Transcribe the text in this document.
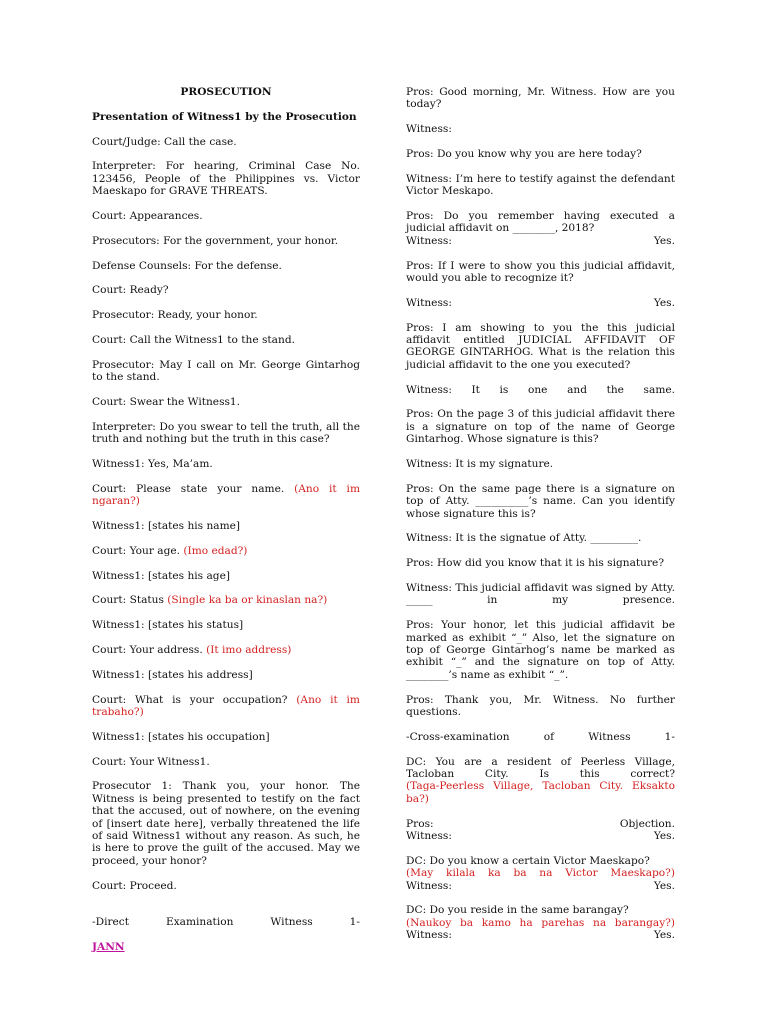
PROSECUTION

Presentation of Witness1 by the Prosecution

Court/Judge: Call the case.

Interpreter: For hearing, Criminal Case No. 123456, People of the Philippines vs. Victor Maeskapo for GRAVE THREATS.

Court: Appearances.

Prosecutors: For the government, your honor.

Defense Counsels: For the defense.

Court: Ready?

Prosecutor: Ready, your honor.

Court: Call the Witness1 to the stand.

Prosecutor: May I call on Mr. George Gintarhog to the stand.

Court: Swear the Witness1.

Interpreter: Do you swear to tell the truth, all the truth and nothing but the truth in this case?

Witness1: Yes, Ma’am.

Court: Please state your name. (Ano it im ngaran?)

Witness1: [states his name]

Court: Your age. (Imo edad?)

Witness1: [states his age]

Court: Status (Single ka ba or kinaslan na?)

Witness1: [states his status]

Court: Your address. (It imo address)

Witness1: [states his address]

Court: What is your occupation? (Ano it im trabaho?)

Witness1: [states his occupation]

Court: Your Witness1.

Prosecutor 1: Thank you, your honor. The Witness is being presented to testify on the fact that the accused, out of nowhere, on the evening of [insert date here], verbally threatened the life of said Witness1 without any reason. As such, he is here to prove the guilt of the accused. May we proceed, your honor?

Court: Proceed.

-Direct Examination Witness 1-

JANN

Pros: Good morning, Mr. Witness. How are you today?

Witness:

Pros: Do you know why you are here today?

Witness: I’m here to testify against the defendant Victor Meskapo.

Pros: Do you remember having executed a judicial affidavit on ________, 2018?

Witness:	Yes.

Pros: If I were to show you this judicial affidavit, would you able to recognize it?

Witness:	Yes.

Pros: I am showing to you the this judicial affidavit entitled JUDICIAL AFFIDAVIT OF GEORGE GINTARHOG. What is the relation this judicial affidavit to the one you executed?

Witness: It is one and the same.

Pros: On the page 3 of this judicial affidavit there is a signature on top of the name of George Gintarhog. Whose signature is this?

Witness: It is my signature.

Pros: On the same page there is a signature on top of Atty. __________’s name. Can you identify whose signature this is?

Witness: It is the signatue of Atty. _________.

Pros: How did you know that it is his signature?

Witness: This judicial affidavit was signed by Atty. _____ in my presence.

Pros: Your honor, let this judicial affidavit be marked as exhibit “_” Also, let the signature on top of George Gintarhog’s name be marked as exhibit “_” and the signature on top of Atty. ________’s name as exhibit “_”.

Pros: Thank you, Mr. Witness. No further questions.

-Cross-examination of Witness 1-

DC: You are a resident of Peerless Village, Tacloban City. Is this correct?

(Taga-Peerless Village, Tacloban City. Eksakto ba?)

Pros:	Objection.
Witness:	Yes.

DC: Do you know a certain Victor Maeskapo?

(May kilala ka ba na Victor Maeskapo?)

Witness:	Yes.

DC: Do you reside in the same barangay?

(Naukoy ba kamo ha parehas na barangay?)

Witness:	Yes.
